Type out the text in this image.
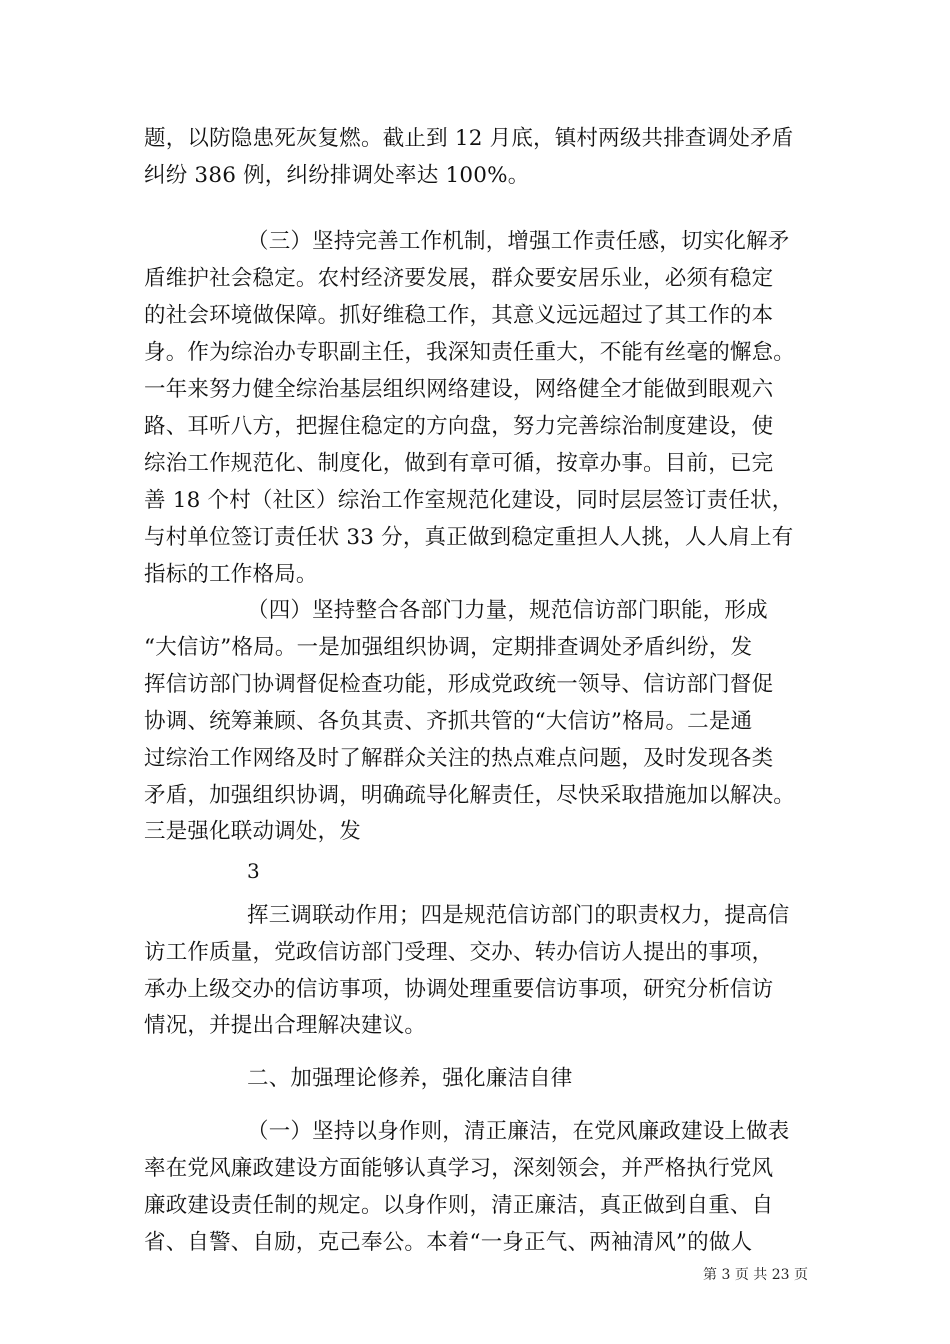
题，以防隐患死灰复燃。截止到 12 月底，镇村两级共排查调处矛盾
纠纷 386 例，纠纷排调处率达 100%。
（三）坚持完善工作机制，增强工作责任感，切实化解矛
盾维护社会稳定。农村经济要发展，群众要安居乐业，必须有稳定
的社会环境做保障。抓好维稳工作，其意义远远超过了其工作的本
身。作为综治办专职副主任，我深知责任重大，不能有丝毫的懈怠。
一年来努力健全综治基层组织网络建设，网络健全才能做到眼观六
路、耳听八方，把握住稳定的方向盘，努力完善综治制度建设，使
综治工作规范化、制度化，做到有章可循，按章办事。目前，已完
善 18 个村（社区）综治工作室规范化建设，同时层层签订责任状，
与村单位签订责任状 33 分，真正做到稳定重担人人挑，人人肩上有
指标的工作格局。
（四）坚持整合各部门力量，规范信访部门职能，形成
“大信访”格局。一是加强组织协调，定期排查调处矛盾纠纷，发
挥信访部门协调督促检查功能，形成党政统一领导、信访部门督促
协调、统筹兼顾、各负其责、齐抓共管的“大信访”格局。二是通
过综治工作网络及时了解群众关注的热点难点问题，及时发现各类
矛盾，加强组织协调，明确疏导化解责任，尽快采取措施加以解决。
三是强化联动调处，发
3
挥三调联动作用；四是规范信访部门的职责权力，提高信
访工作质量，党政信访部门受理、交办、转办信访人提出的事项，
承办上级交办的信访事项，协调处理重要信访事项，研究分析信访
情况，并提出合理解决建议。
二、加强理论修养，强化廉洁自律
（一）坚持以身作则，清正廉洁，在党风廉政建设上做表
率在党风廉政建设方面能够认真学习，深刻领会，并严格执行党风
廉政建设责任制的规定。以身作则，清正廉洁，真正做到自重、自
省、自警、自励，克己奉公。本着“一身正气、两袖清风”的做人
第 3 页 共 23 页
